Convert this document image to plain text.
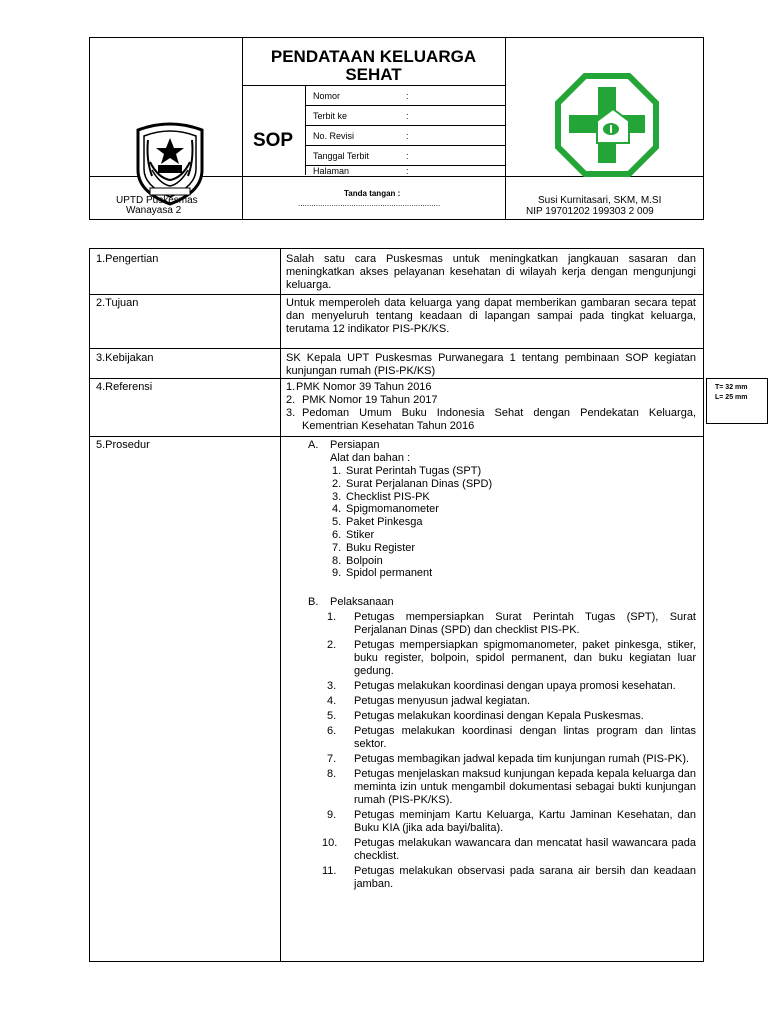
PENDATAAN KELUARGA SEHAT
SOP
Nomor	:
Terbit ke	:
No. Revisi	:
Tanggal Terbit	:
Halaman	:
UPTD Puskesmas
Wanayasa 2
Tanda tangan :
................................................................	Susi Kurnitasari, SKM, M.SI
NIP 19701202 199303 2 009
1.Pengertian	Salah satu cara Puskesmas untuk meningkatkan jangkauan sasaran dan meningkatkan akses pelayanan kesehatan di wilayah kerja dengan mengunjungi keluarga.
2.Tujuan	Untuk memperoleh data keluarga yang dapat memberikan gambaran secara tepat dan menyeluruh tentang keadaan di lapangan sampai pada tingkat keluarga, terutama 12 indikator PIS-PK/KS.
3.Kebijakan	SK Kepala UPT Puskesmas Purwanegara 1 tentang pembinaan SOP kegiatan kunjungan rumah (PIS-PK/KS)
4.Referensi	1. PMK Nomor 39 Tahun 2016
2. PMK Nomor 19 Tahun 2017
3. Pedoman Umum Buku Indonesia Sehat dengan Pendekatan Keluarga, Kementrian Kesehatan Tahun 2016
5.Prosedur	A. Persiapan
Alat dan bahan :
1. Surat Perintah Tugas (SPT)
2. Surat Perjalanan Dinas (SPD)
3. Checklist PIS-PK
4. Spigmomanometer
5. Paket Pinkesga
6. Stiker
7. Buku Register
8. Bolpoin
9. Spidol permanent
B. Pelaksanaan
1. Petugas mempersiapkan Surat Perintah Tugas (SPT), Surat Perjalanan Dinas (SPD) dan checklist PIS-PK.
2. Petugas mempersiapkan spigmomanometer, paket pinkesga, stiker, buku register, bolpoin, spidol permanent, dan buku kegiatan luar gedung.
3. Petugas melakukan koordinasi dengan upaya promosi kesehatan.
4. Petugas menyusun jadwal kegiatan.
5. Petugas melakukan koordinasi dengan Kepala Puskesmas.
6. Petugas melakukan koordinasi dengan lintas program dan lintas sektor.
7. Petugas membagikan jadwal kepada tim kunjungan rumah (PIS-PK).
8. Petugas menjelaskan maksud kunjungan kepada kepala keluarga dan meminta izin untuk mengambil dokumentasi sebagai bukti kunjungan rumah (PIS-PK/KS).
9. Petugas meminjam Kartu Keluarga, Kartu Jaminan Kesehatan, dan Buku KIA (jika ada bayi/balita).
10. Petugas melakukan wawancara dan mencatat hasil wawancara pada checklist.
11. Petugas melakukan observasi pada sarana air bersih dan keadaan jamban.
T= 32 mm
L= 25 mm
